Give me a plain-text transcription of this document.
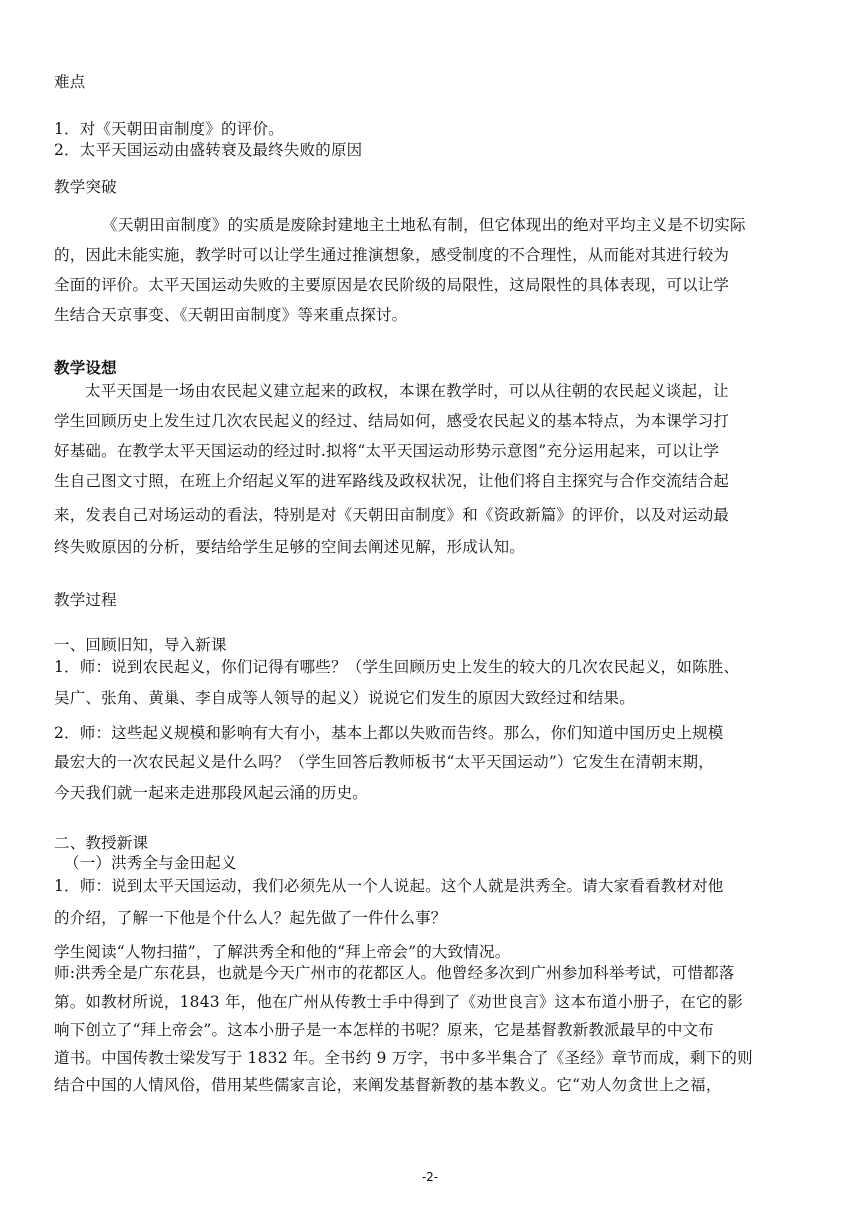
难点
1．对《天朝田亩制度》的评价。
2．太平天国运动由盛转衰及最终失败的原因
教学突破
《天朝田亩制度》的实质是废除封建地主土地私有制，但它体现出的绝对平均主义是不切实际
的，因此未能实施，教学时可以让学生通过推演想象，感受制度的不合理性，从而能对其进行较为
全面的评价。太平天国运动失败的主要原因是农民阶级的局限性，这局限性的具体表现，可以让学
生结合天京事变、《天朝田亩制度》等来重点探讨。
教学设想
太平天国是一场由农民起义建立起来的政权，本课在教学时，可以从往朝的农民起义谈起，让
学生回顾历史上发生过几次农民起义的经过、结局如何，感受农民起义的基本特点，为本课学习打
好基础。在教学太平天国运动的经过时.拟将“太平天国运动形势示意图”充分运用起来，可以让学
生自己图文寸照，在班上介绍起义军的进军路线及政权状况，让他们将自主探究与合作交流结合起
来，发表自己对场运动的看法，特别是对《天朝田亩制度》和《资政新篇》的评价，以及对运动最
终失败原因的分析，要结给学生足够的空间去阐述见解，形成认知。
教学过程
一、回顾旧知，导入新课
1．师：说到农民起义，你们记得有哪些？（学生回顾历史上发生的较大的几次农民起义，如陈胜、
吴广、张角、黄巢、李自成等人领导的起义）说说它们发生的原因大致经过和结果。
2．师：这些起义规模和影响有大有小，基本上都以失败而告终。那么，你们知道中国历史上规模
最宏大的一次农民起义是什么吗？（学生回答后教师板书“太平天国运动”）它发生在清朝末期，
今天我们就一起来走进那段风起云涌的历史。
二、教授新课
（一）洪秀全与金田起义
1．师：说到太平天国运动，我们必须先从一个人说起。这个人就是洪秀全。请大家看看教材对他
的介绍，了解一下他是个什么人？起先做了一件什么事？
学生阅读“人物扫描”，了解洪秀全和他的“拜上帝会”的大致情况。
师:洪秀全是广东花县，也就是今天广州市的花都区人。他曾经多次到广州参加科举考试，可惜都落
第。如教材所说，1843 年，他在广州从传教士手中得到了《劝世良言》这本布道小册子，在它的影
响下创立了“拜上帝会”。这本小册子是一本怎样的书呢？原来，它是基督教新教派最早的中文布
道书。中国传教士梁发写于 1832 年。全书约 9 万字，书中多半集合了《圣经》章节而成，剩下的则
结合中国的人情风俗，借用某些儒家言论，来阐发基督新教的基本教义。它“劝人勿贪世上之福，
-2-
